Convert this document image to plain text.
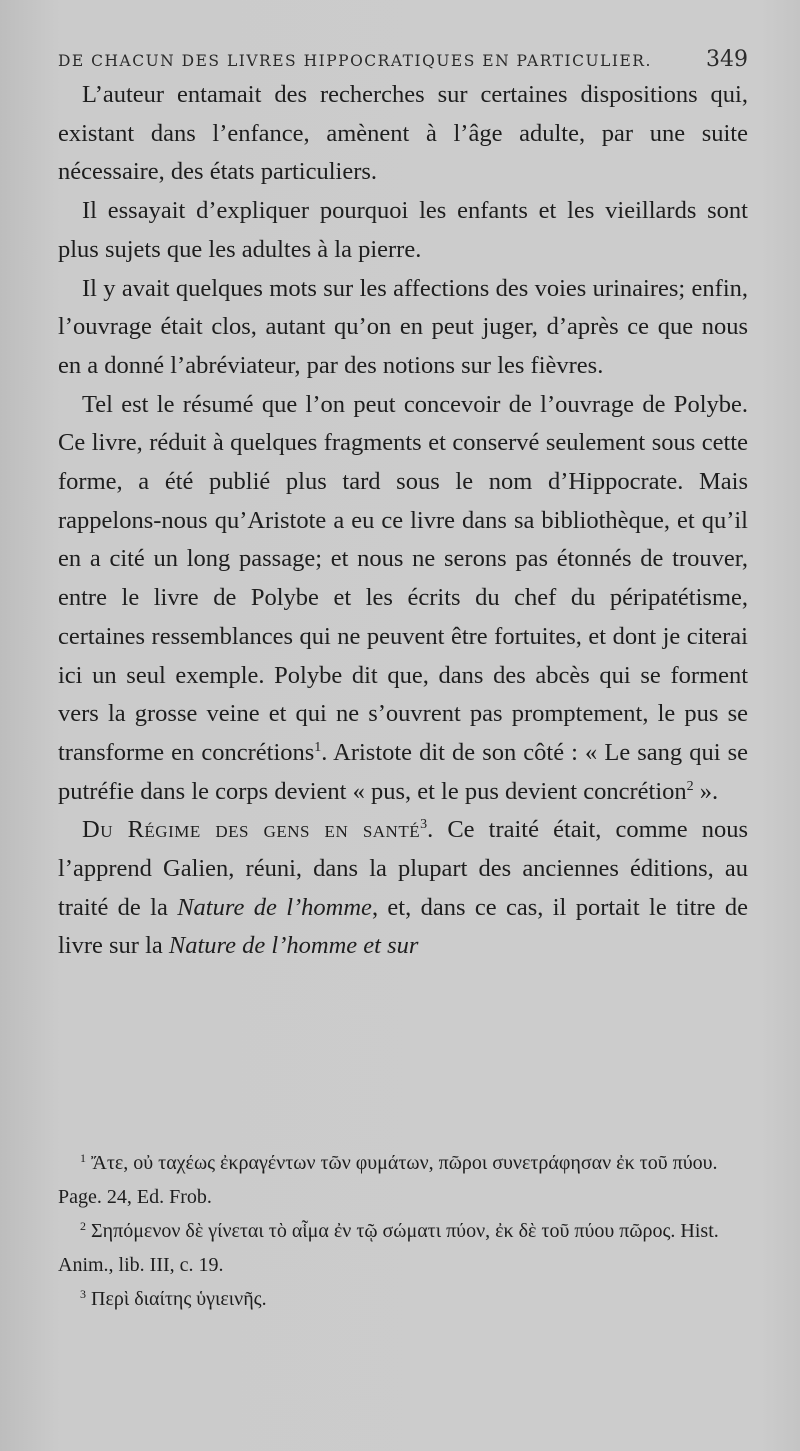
DE CHACUN DES LIVRES HIPPOCRATIQUES EN PARTICULIER. 349

L’auteur entamait des recherches sur certaines dispositions qui, existant dans l’enfance, amènent à l’âge adulte, par une suite nécessaire, des états particuliers.

Il essayait d’expliquer pourquoi les enfants et les vieillards sont plus sujets que les adultes à la pierre.

Il y avait quelques mots sur les affections des voies urinaires; enfin, l’ouvrage était clos, autant qu’on en peut juger, d’après ce que nous en a donné l’abréviateur, par des notions sur les fièvres.

Tel est le résumé que l’on peut concevoir de l’ouvrage de Polybe. Ce livre, réduit à quelques fragments et conservé seulement sous cette forme, a été publié plus tard sous le nom d’Hippocrate. Mais rappelons-nous qu’Aristote a eu ce livre dans sa bibliothèque, et qu’il en a cité un long passage; et nous ne serons pas étonnés de trouver, entre le livre de Polybe et les écrits du chef du péripatétisme, certaines ressemblances qui ne peuvent être fortuites, et dont je citerai ici un seul exemple. Polybe dit que, dans des abcès qui se forment vers la grosse veine et qui ne s’ouvrent pas promptement, le pus se transforme en concrétions$^1$. Aristote dit de son côté : « Le sang qui se putréfie dans le corps devient « pus, et le pus devient concrétion$^2$ ».

Du Régime des gens en santé$^3$. Ce traité était, comme nous l’apprend Galien, réuni, dans la plupart des anciennes éditions, au traité de la Nature de l’homme, et, dans ce cas, il portait le titre de livre sur la Nature de l’homme et sur

$^1$ Ἄτε, οὐ ταχέως ἐκραγέντων τῶν φυμάτων, πῶροι συνετράφησαν ἐκ τοῦ πύου. Page. 24, Ed. Frob.

$^2$ Σηπόμενον δὲ γίνεται τὸ αἷμα ἐν τῷ σώματι πύον, ἐκ δὲ τοῦ πύου πῶρος. Hist. Anim., lib. III, c. 19.

$^3$ Περὶ διαίτης ὑγιεινῆς.
